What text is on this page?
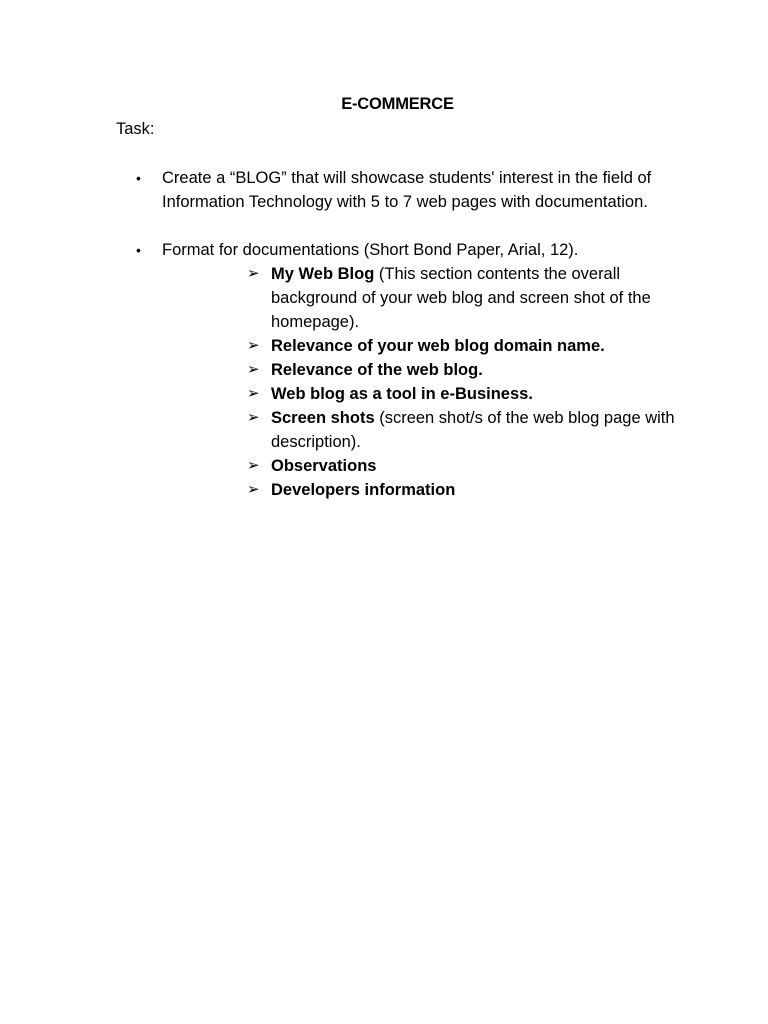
E-COMMERCE
Task:
•	Create a “BLOG” that will showcase students' interest in the field of Information Technology with 5 to 7 web pages with documentation.
•	Format for documentations (Short Bond Paper, Arial, 12).
➢ My Web Blog (This section contents the overall background of your web blog and screen shot of the homepage).
➢ Relevance of your web blog domain name.
➢ Relevance of the web blog.
➢ Web blog as a tool in e-Business.
➢ Screen shots (screen shot/s of the web blog page with description).
➢ Observations
➢ Developers information
